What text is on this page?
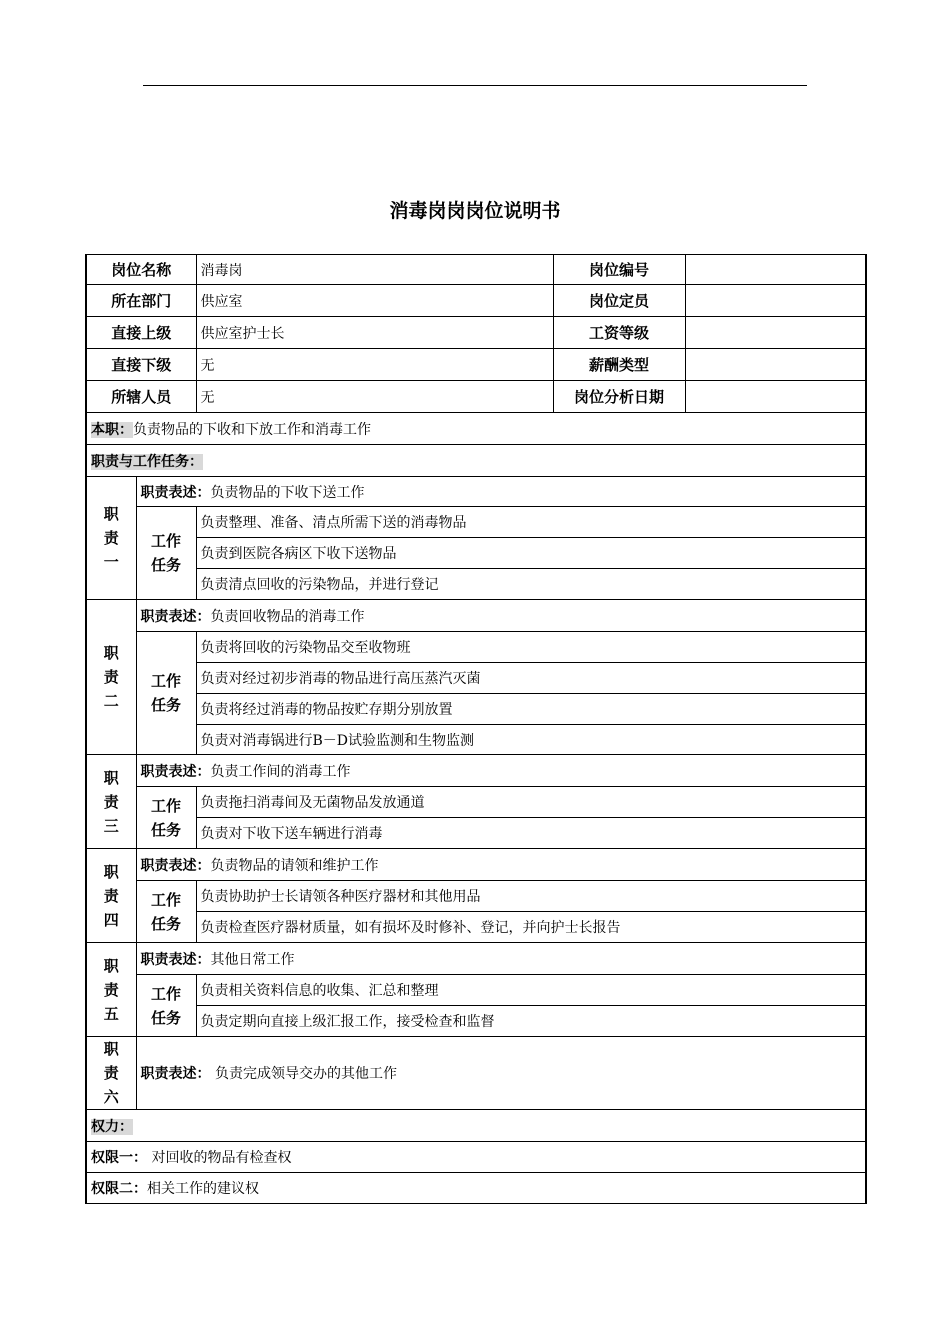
消毒岗岗岗位说明书
岗位名称		消毒岗	岗位编号	
所在部门		供应室	岗位定员	
直接上级		供应室护士长	工资等级	
直接下级		无	薪酬类型	
所辖人员		无	岗位分析日期	
本职：负责物品的下收和下放工作和消毒工作				
职责与工作任务：				

职
责
一	职责表述：负责物品的下收下送工作			

	工作
任务	负责整理、准备、清点所需下送的消毒物品		
		负责到医院各病区下收下送物品		
		负责清点回收的污染物品，并进行登记		

职
责
二	职责表述：负责回收物品的消毒工作			

	工作
任务	负责将回收的污染物品交至收物班		
		负责对经过初步消毒的物品进行高压蒸汽灭菌		
		负责将经过消毒的物品按贮存期分别放置		
		负责对消毒锅进行B－D试验监测和生物监测		

职
责
三	职责表述：负责工作间的消毒工作			

	工作
任务	负责拖扫消毒间及无菌物品发放通道		
		负责对下收下送车辆进行消毒		

职
责
四	职责表述：负责物品的请领和维护工作			

	工作
任务	负责协助护士长请领各种医疗器材和其他用品		
		负责检查医疗器材质量，如有损坏及时修补、登记，并向护士长报告		

职
责
五	职责表述：其他日常工作			

	工作
任务	负责相关资料信息的收集、汇总和整理		
		负责定期向直接上级汇报工作，接受检查和监督		

职
责
六	职责表述： 负责完成领导交办的其他工作			
权力：				
权限一： 对回收的物品有检查权				
权限二：相关工作的建议权				
